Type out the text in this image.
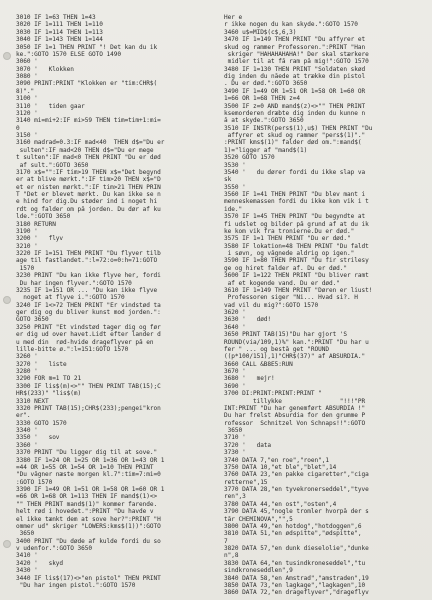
3010 IF 1=63 THEN 1=43
3020 IF 1=111 THEN 1=110
3030 IF 1=114 THEN 1=113
3040 IF 1=143 THEN 1=144
3050 IF 1=1 THEN PRINT "! Det kan du ik
ke.":GOTO 1570 ELSE GOTO 1490
3060 '
3070 '   Klokken
3080 '
3090 PRINT:PRINT "Klokken er "tim:CHR$(
8)"."
3100 '
3110 '   tiden gaar
3120 '
3140 mi=mi+2:IF mi>59 THEN tim=tim+1:mi=
0
3150 '
3160 madrad=0.3:IF mad<40  THEN d$="Du er
sulten":IF mad<20 THEN d$="Du er mege
t sulten":IF mad<0 THEN PRINT "Du er død
af sult.":GOTO 3650
3170 x$="":IF tim>19 THEN x$="Det begynd
er at blive mørkt.":IF tim>20 THEN x$="D
et er nisten mørkt.":IF tim>21 THEN PRIN
T "Det er blevet mørkt. Du kan ikke se n
e hind for dig.Du støder ind i noget hi
rdt og falder om på jorden. Du dør af ku
lde.":GOTO 3650
3180 RETURN
3190 '
3200 '   flyv
3210 '
3220 IF 1=151 THEN PRINT "Du flyver tilb
age til fastlandet.":l=72:o=0:h=71:GOTO
1570
3230 PRINT "Du kan ikke flyve her, fordi
Du har ingen flyver.":GOTO 1570
3235 IF 1=151 OR ... "Du kan ikke flyve
noget at flyve i.":GOTO 1570
3240 IF 1<>72 THEN PRINT "Er vindstød ta
ger dig og du bliver kunst mod jorden.":
GOTO 3650
3250 PRINT "Et vindstød tager dig og før
er dig ud over havet.Lidt efter lander d
u med din  rød-hvide drageflyver på en
lille-bitte ø.":l=151:GOTO 1570
3260 '
3270 '   liste
3280 '
3290 FOR m=1 TO 21
3300 IF lis$(m)<>"" THEN PRINT TAB(15);C
HR$(233)" "lis$(m)
3310 NEXT
3320 PRINT TAB(15);CHR$(233);pengei"kron
er".
3330 GOTO 1570
3340 '
3350 '   sov
3360 '
3370 PRINT "Du ligger dig til at sove."
3380 IF 1=24 OR 1=25 OR 1=36 OR 1=43 OR 1
=44 OR 1=55 OR 1=54 OR 1=10 THEN PRINT
"Du vågner næste morgen kl.7":tim=7:mi=0
:GOTO 1570
3390 IF 1=49 OR 1=51 OR 1=58 OR 1=60 OR 1
=66 OR 1=68 OR 1=113 THEN IF mand$(1)<>
"" THEN PRINT mand$(1)" kommer farende.
helt rød i hovedet.":PRINT "Du havde v
el ikke tænkt dem at sove her?":PRINT "H
ommer ud" skriger "LOWERS:kms$(1))":GOTO
3650
3400 PRINT "Du døde af kulde fordi du so
v udenfor.":GOTO 3650
3410 '
3420 '   skyd
3430 '
3440 IF lis$(17)<>"en pistol" THEN PRINT
"Du har ingen pistol.":GOTO 1570
Her e
r ikke nogen du kan skyde.":GOTO 1570
3460 u$=MID$(c$,6,3)
3470 IF 1=149 THEN PRINT "Du affyrer et
skud og rammer Professoren.":PRINT "Han
skriger "HAHAHAHAHA!" Der skal stærkere
midler til at få ram på mig!":GOTO 1570
3480 IF 1=130 THEN PRINT "Soldaten skød
dig inden du nåede at trække din pistol
. Du er død.":GOTO 3650
3490 IF 1=49 OR 1=51 OR 1=58 OR 1=60 OR
1=66 OR 1=68 THEN z=4
3500 IF z=0 AND mand$(z)<>"" THEN PRINT
ksemorderen dræbte dig inden du kunne n
å at skyde.":GOTO 3650
3510 IF INSTR(pers$(1),u$) THEN PRINT "Du
affyrer et skud og rammer "pers$(1)"."
:PRINT kms$(1)" falder død om.":mand$(
1)="ligger af "mand$(1)
3520 GOTO 1570
3530 '
3540 '   du dører fordi du ikke slap va
sk
3550 '
3560 IF 1=41 THEN PRINT "Du blev mant i
menneskemassen fordi du ikke kom vik i t
ide."
3570 IF 1=45 THEN PRINT "Du begyndte at
fi udslet og bilder på grund af at du ik
ke kom vik fra tronierne.Du er død."
3575 IF 1=1 THEN PRINT "Du er død."
3580 IF lokation=48 THEN PRINT "Du faldt
i søvn, og vågnede aldrig op igen."
3590 IF 1=80 THEN PRINT "Du fir strilesy
ge og hiret falder af. Du er død."
3600 IF 1=122 THEN PRINT "Du bliver ramt
af et kogende vand. Du er død."
3610 IF 1=149 THEN PRINT "Døren er liust!
Professoren siger "Ni... Hvad si?. H
vad vil du mig?":GOTO 1570
3620 '
3630 '   død!
3640 '
3650 PRINT TAB(15)"Du har gjort 'S
ROUND(via/109,1)%" kan.":PRINT "Du har u
fer " ... og bestå get "ROUND
((p*100/151),1)"CHR$(37)" af ABSURDIA."
3660 CALL &B8E5:RUN
3670 '
3680 '   mejr!
3690 '
3700 DI:PRINT:PRINT:PRINT "
tillykke                "!!!"PR
INT:PRINT "Du har genemført ABSURDIA !"
Du har frelst Absurdia for den grumme P
rofessor  Schnitzel Von Schnaps!!":GOTO
3650
3710 '
3720 '   data
3730 '
3740 DATA 7,"en roe","roen",1
3750 DATA 10,"et ble","blet",14
3760 DATA 23,"en pakke cigaretter","ciga
retterne",15
3770 DATA 28,"en tyvekronerseddel","tyve
ren",3
3780 DATA 44,"en ost","osten",4
3790 DATA 45,"nogle tromler hvorpå der s
tår CHEMINOVA","",5
3800 DATA 49,"en hotdog","hotdoggen",6
3810 DATA 51,"en ødspitte","ødspitte",
7
3820 DATA 57,"en dunk dieselolie","dunke
n",8
3830 DATA 64,"en tusindkroneseddel","tu
sindkroneseddlen",9
3840 DATA 58,"en Amstrad","amstraden",19
3850 DATA 73,"en lagkage","lagkagen",10
3860 DATA 72,"en drageflyver","drageflyv
